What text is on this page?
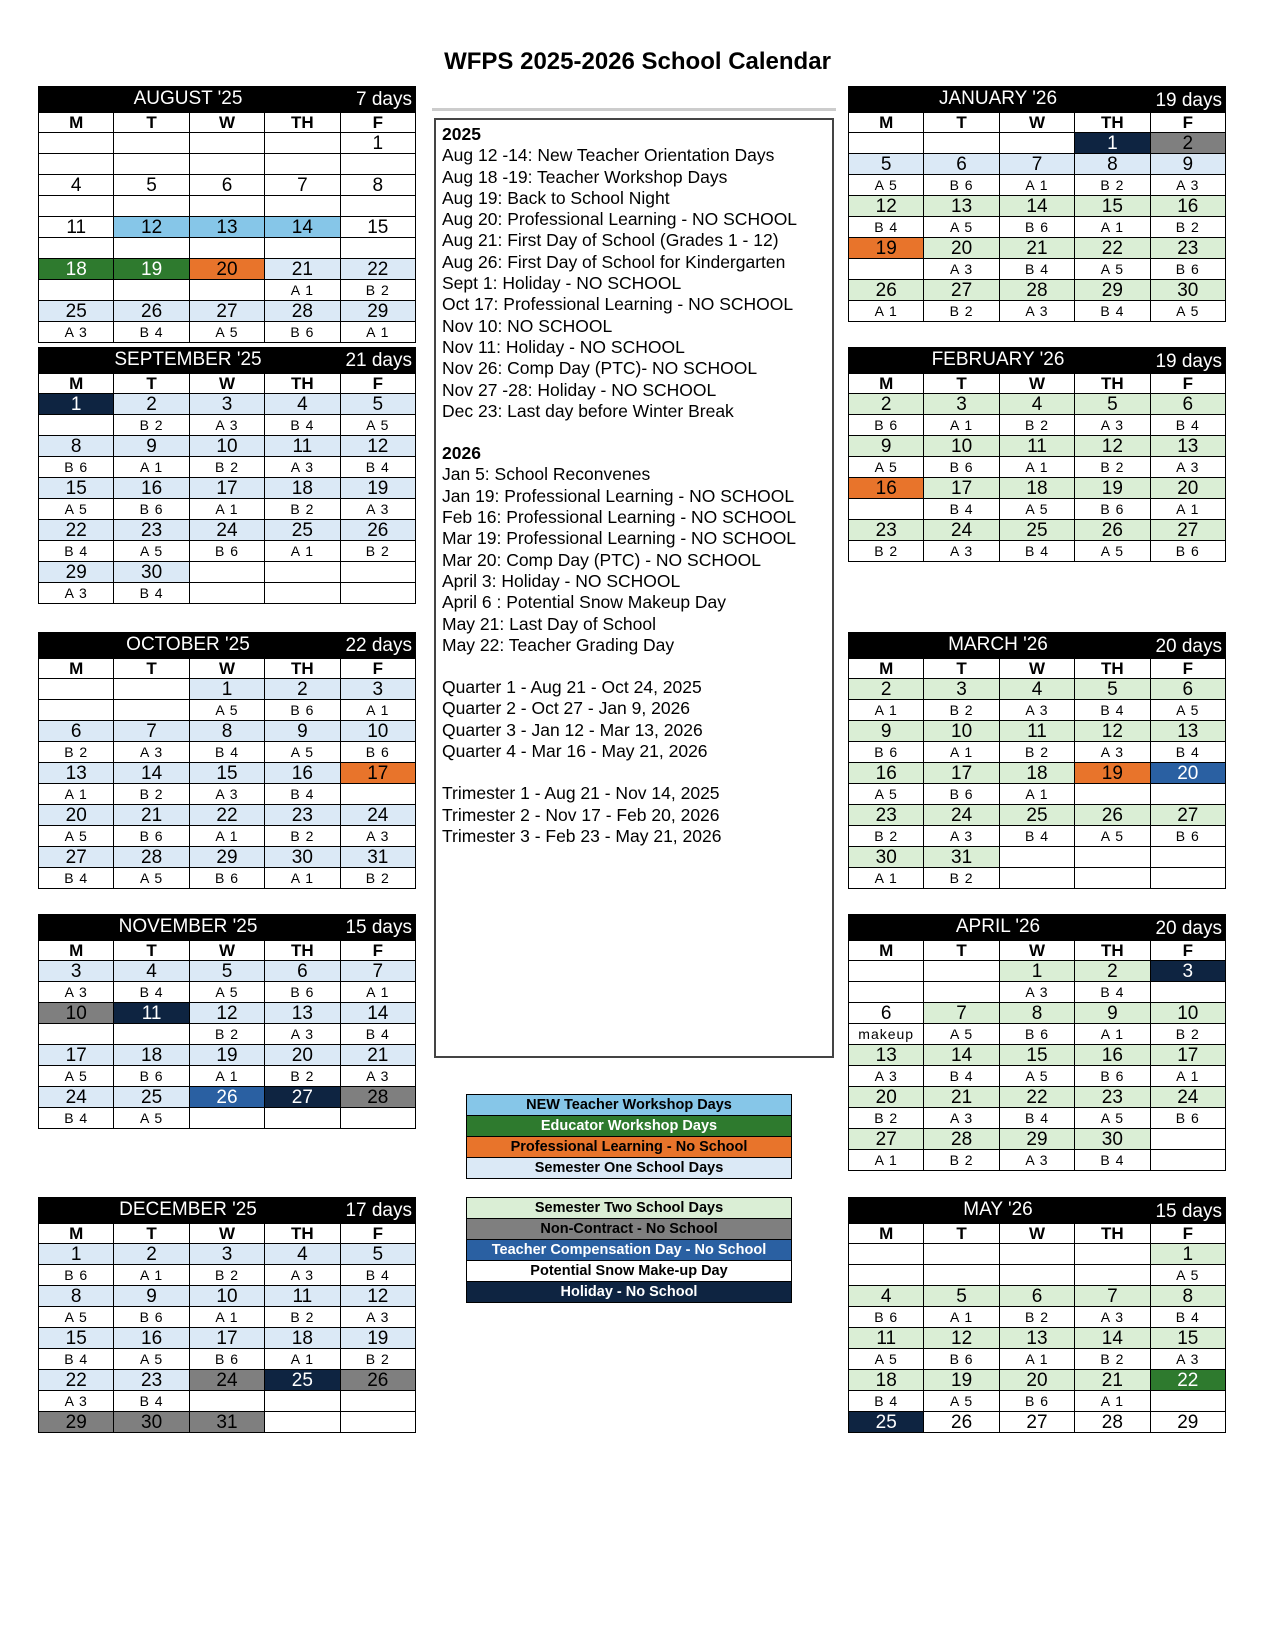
WFPS 2025-2026 School Calendar
AUGUST '25	7 days
M	T	W	TH	F
				1

4	5	6	7	8

11	12	13	14	15

18	19	20	21	22
			A 1	B 2
25	26	27	28	29
A 3	B 4	A 5	B 6	A 1
SEPTEMBER '25	21 days
M	T	W	TH	F
1	2	3	4	5
	B 2	A 3	B 4	A 5
8	9	10	11	12
B 6	A 1	B 2	A 3	B 4
15	16	17	18	19
A 5	B 6	A 1	B 2	A 3
22	23	24	25	26
B 4	A 5	B 6	A 1	B 2
29	30			
A 3	B 4			
OCTOBER '25	22 days
M	T	W	TH	F
		1	2	3
		A 5	B 6	A 1
6	7	8	9	10
B 2	A 3	B 4	A 5	B 6
13	14	15	16	17
A 1	B 2	A 3	B 4	
20	21	22	23	24
A 5	B 6	A 1	B 2	A 3
27	28	29	30	31
B 4	A 5	B 6	A 1	B 2
NOVEMBER '25	15 days
M	T	W	TH	F
3	4	5	6	7
A 3	B 4	A 5	B 6	A 1
10	11	12	13	14
		B 2	A 3	B 4
17	18	19	20	21
A 5	B 6	A 1	B 2	A 3
24	25	26	27	28
B 4	A 5			
DECEMBER '25	17 days
M	T	W	TH	F
1	2	3	4	5
B 6	A 1	B 2	A 3	B 4
8	9	10	11	12
A 5	B 6	A 1	B 2	A 3
15	16	17	18	19
B 4	A 5	B 6	A 1	B 2
22	23	24	25	26
A 3	B 4			
29	30	31		
JANUARY '26	19 days
M	T	W	TH	F
			1	2
5	6	7	8	9
A 5	B 6	A 1	B 2	A 3
12	13	14	15	16
B 4	A 5	B 6	A 1	B 2
19	20	21	22	23
	A 3	B 4	A 5	B 6
26	27	28	29	30
A 1	B 2	A 3	B 4	A 5
FEBRUARY '26	19 days
M	T	W	TH	F
2	3	4	5	6
B 6	A 1	B 2	A 3	B 4
9	10	11	12	13
A 5	B 6	A 1	B 2	A 3
16	17	18	19	20
	B 4	A 5	B 6	A 1
23	24	25	26	27
B 2	A 3	B 4	A 5	B 6
MARCH '26	20 days
M	T	W	TH	F
2	3	4	5	6
A 1	B 2	A 3	B 4	A 5
9	10	11	12	13
B 6	A 1	B 2	A 3	B 4
16	17	18	19	20
A 5	B 6	A 1		
23	24	25	26	27
B 2	A 3	B 4	A 5	B 6
30	31			
A 1	B 2			
APRIL '26	20 days
M	T	W	TH	F
		1	2	3
		A 3	B 4	
6	7	8	9	10
makeup	A 5	B 6	A 1	B 2
13	14	15	16	17
A 3	B 4	A 5	B 6	A 1
20	21	22	23	24
B 2	A 3	B 4	A 5	B 6
27	28	29	30	
A 1	B 2	A 3	B 4	
MAY '26	15 days
M	T	W	TH	F
				1
				A 5
4	5	6	7	8
B 6	A 1	B 2	A 3	B 4
11	12	13	14	15
A 5	B 6	A 1	B 2	A 3
18	19	20	21	22
B 4	A 5	B 6	A 1	
25	26	27	28	29
2025
Aug 12 -14: New Teacher Orientation Days
Aug 18 -19: Teacher Workshop Days
Aug 19: Back to School Night
Aug 20: Professional Learning - NO SCHOOL
Aug 21: First Day of School (Grades 1 - 12)
Aug 26: First Day of School for Kindergarten
Sept 1: Holiday - NO SCHOOL
Oct 17: Professional Learning - NO SCHOOL
Nov 10: NO SCHOOL
Nov 11: Holiday - NO SCHOOL
Nov 26: Comp Day (PTC)- NO SCHOOL
Nov 27 -28: Holiday - NO SCHOOL
Dec 23: Last day before Winter Break
2026
Jan 5: School Reconvenes
Jan 19: Professional Learning - NO SCHOOL
Feb 16: Professional Learning - NO SCHOOL
Mar 19: Professional Learning - NO SCHOOL
Mar 20: Comp Day (PTC) - NO SCHOOL
April 3: Holiday - NO SCHOOL
April 6 : Potential Snow Makeup Day
May 21: Last Day of School
May 22: Teacher Grading Day
Quarter 1 - Aug 21 - Oct 24, 2025
Quarter 2 - Oct 27 - Jan 9, 2026
Quarter 3 - Jan 12 - Mar 13, 2026
Quarter 4 - Mar 16 - May 21, 2026
Trimester 1 - Aug 21 - Nov 14, 2025
Trimester 2 - Nov 17 - Feb 20, 2026
Trimester 3 - Feb 23 - May 21, 2026
NEW Teacher Workshop Days
Educator Workshop Days
Professional Learning - No School
Semester One School Days
Semester Two School Days
Non-Contract - No School
Teacher Compensation Day - No School
Potential Snow Make-up Day
Holiday - No School
